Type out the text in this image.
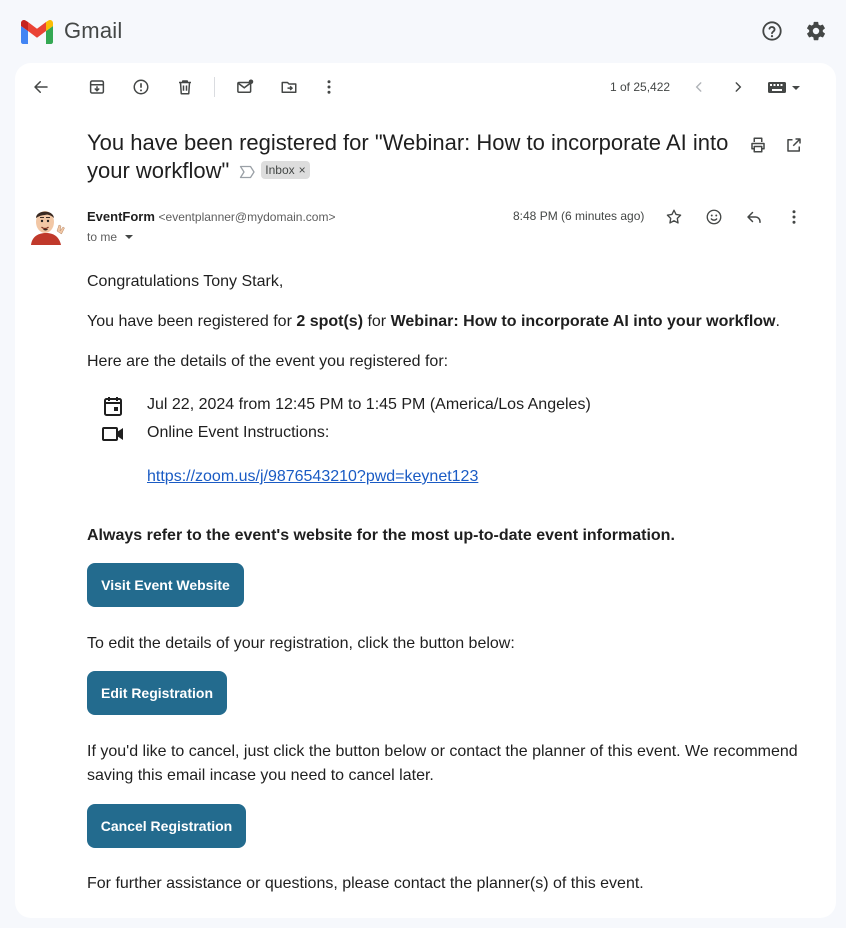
Gmail
1 of 25,422
You have been registered for "Webinar: How to incorporate AI into your workflow"	Inbox ×
EventForm <eventplanner@mydomain.com>
to me
8:48 PM (6 minutes ago)
Congratulations Tony Stark,
You have been registered for 2 spot(s) for Webinar: How to incorporate AI into your workflow.
Here are the details of the event you registered for:
Jul 22, 2024 from 12:45 PM to 1:45 PM (America/Los Angeles)
Online Event Instructions:
https://zoom.us/j/9876543210?pwd=keynet123
Always refer to the event's website for the most up-to-date event information.
Visit Event Website
To edit the details of your registration, click the button below:
Edit Registration
If you'd like to cancel, just click the button below or contact the planner of this event. We recommend
saving this email incase you need to cancel later.
Cancel Registration
For further assistance or questions, please contact the planner(s) of this event.
